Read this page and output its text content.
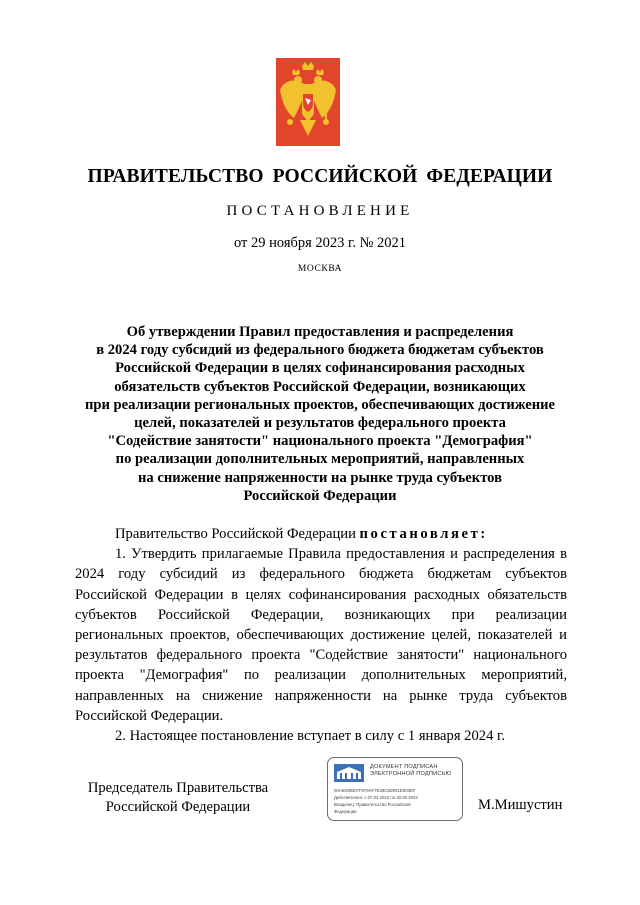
ПРАВИТЕЛЬСТВО РОССИЙСКОЙ ФЕДЕРАЦИИ
ПОСТАНОВЛЕНИЕ
от 29 ноября 2023 г. № 2021
МОСКВА
Об утверждении Правил предоставления и распределения
в 2024 году субсидий из федерального бюджета бюджетам субъектов
Российской Федерации в целях софинансирования расходных
обязательств субъектов Российской Федерации, возникающих
при реализации региональных проектов, обеспечивающих достижение
целей, показателей и результатов федерального проекта
"Содействие занятости" национального проекта "Демография"
по реализации дополнительных мероприятий, направленных
на снижение напряженности на рынке труда субъектов
Российской Федерации

Правительство Российской Федерации постановляет:

1. Утвердить прилагаемые Правила предоставления и распределения в 2024 году субсидий из федерального бюджета бюджетам субъектов Российской Федерации в целях софинансирования расходных обязательств субъектов Российской Федерации, возникающих при реализации региональных проектов, обеспечивающих достижение целей, показателей и результатов федерального проекта "Содействие занятости" национального проекта "Демография" по реализации дополнительных мероприятий, направленных на снижение напряженности на рынке труда субъектов Российской Федерации.

2. Настоящее постановление вступает в силу с 1 января 2024 г.

Председатель Правительства
Российской Федерации
ДОКУМЕНТ ПОДПИСАН
ЭЛЕКТРОННОЙ ПОДПИСЬЮ
00A5490B07F679AF7E39C8D091E803EF
Действителен: с 07.03.2023 по 30.05.2024
Владелец: Правительство Российской
Федерации	М.Мишустин
